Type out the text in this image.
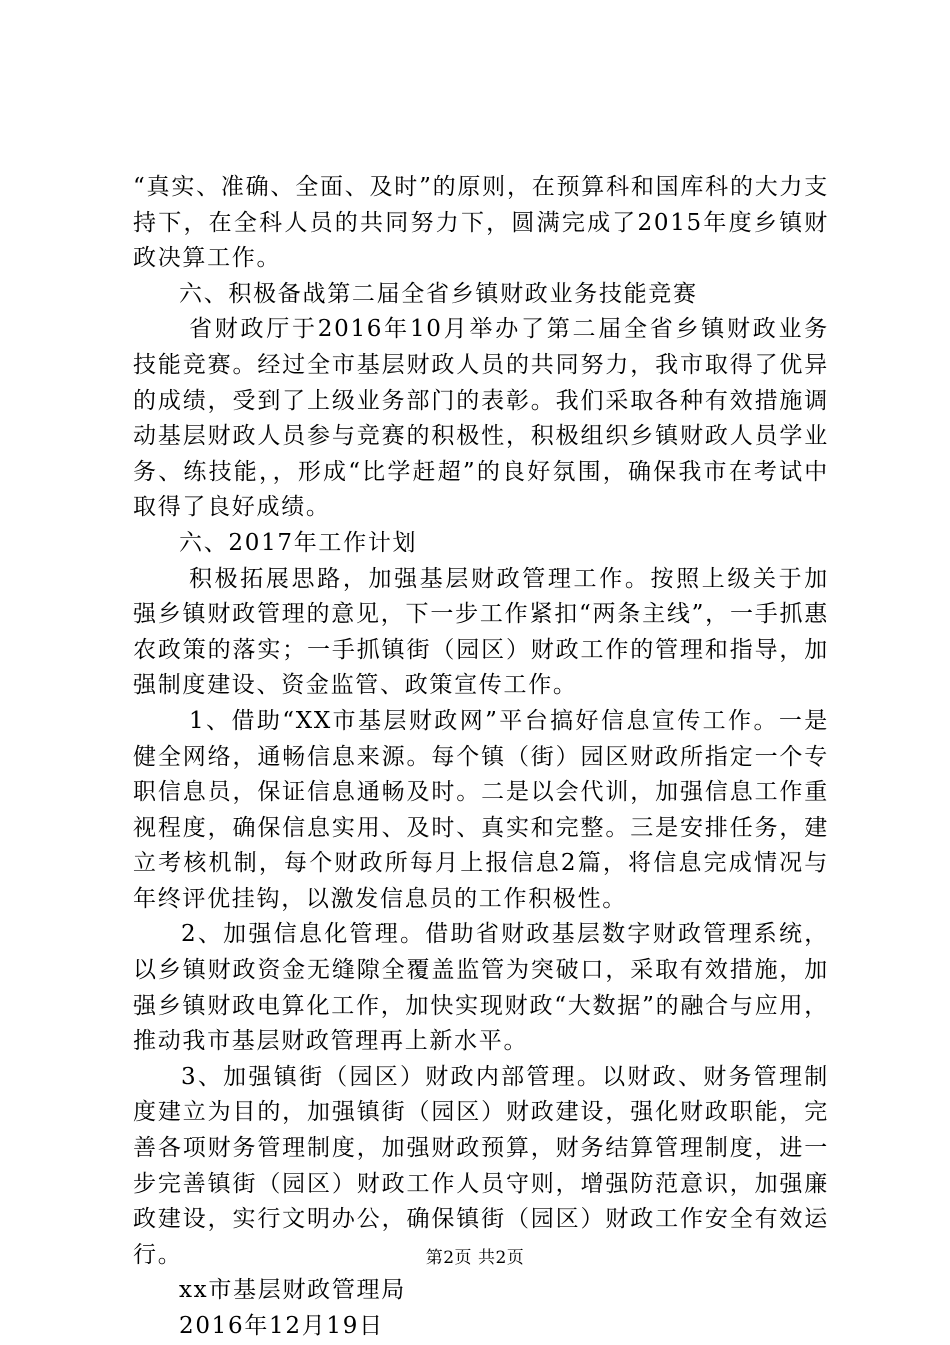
“真实、准确、全面、及时”的原则，在预算科和国库科的大力支持下，在全科人员的共同努力下，圆满完成了2015年度乡镇财政决算工作。

六、积极备战第二届全省乡镇财政业务技能竞赛

省财政厅于2016年10月举办了第二届全省乡镇财政业务技能竞赛。经过全市基层财政人员的共同努力，我市取得了优异的成绩，受到了上级业务部门的表彰。我们采取各种有效措施调动基层财政人员参与竞赛的积极性，积极组织乡镇财政人员学业务、练技能，，形成“比学赶超”的良好氛围，确保我市在考试中取得了良好成绩。

六、2017年工作计划

积极拓展思路，加强基层财政管理工作。按照上级关于加强乡镇财政管理的意见，下一步工作紧扣“两条主线”，一手抓惠农政策的落实；一手抓镇街（园区）财政工作的管理和指导，加强制度建设、资金监管、政策宣传工作。

1、借助“XX市基层财政网”平台搞好信息宣传工作。一是健全网络，通畅信息来源。每个镇（街）园区财政所指定一个专职信息员，保证信息通畅及时。二是以会代训，加强信息工作重视程度，确保信息实用、及时、真实和完整。三是安排任务，建立考核机制，每个财政所每月上报信息2篇，将信息完成情况与年终评优挂钩，以激发信息员的工作积极性。

2、加强信息化管理。借助省财政基层数字财政管理系统，以乡镇财政资金无缝隙全覆盖监管为突破口，采取有效措施，加强乡镇财政电算化工作，加快实现财政“大数据”的融合与应用，推动我市基层财政管理再上新水平。

3、加强镇街（园区）财政内部管理。以财政、财务管理制度建立为目的，加强镇街（园区）财政建设，强化财政职能，完善各项财务管理制度，加强财政预算，财务结算管理制度，进一步完善镇街（园区）财政工作人员守则，增强防范意识，加强廉政建设，实行文明办公，确保镇街（园区）财政工作安全有效运行。

xx市基层财政管理局

2016年12月19日

第2页 共2页
